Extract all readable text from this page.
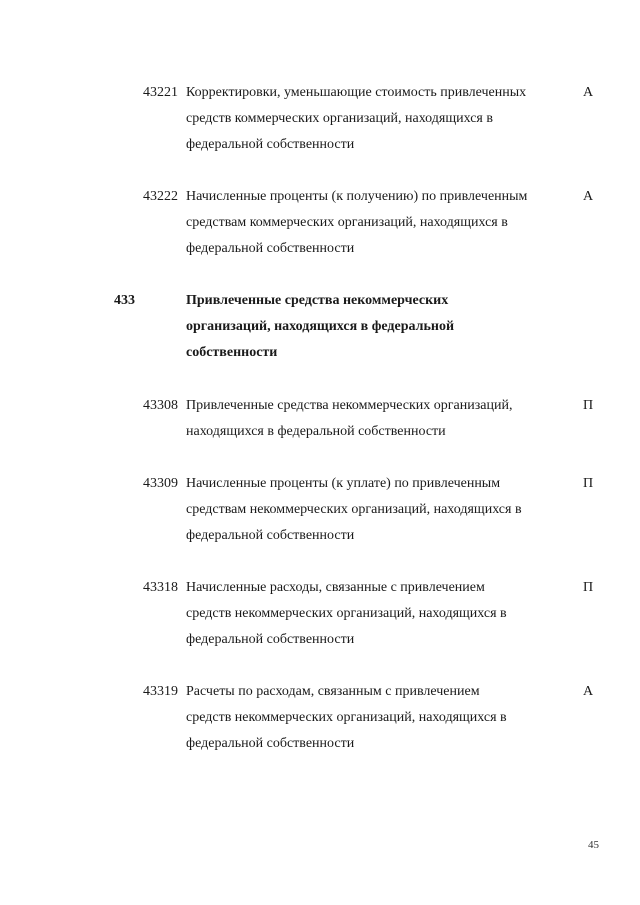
43221 Корректировки, уменьшающие стоимость привлеченных
средств коммерческих организаций, находящихся в
федеральной собственности
А
43222 Начисленные проценты (к получению) по привлеченным
средствам коммерческих организаций, находящихся в
федеральной собственности
А
433	Привлеченные средства некоммерческих
организаций, находящихся в федеральной
собственности
43308 Привлеченные средства некоммерческих организаций,
находящихся в федеральной собственности
П
43309 Начисленные проценты (к уплате) по привлеченным
средствам некоммерческих организаций, находящихся в
федеральной собственности
П
43318 Начисленные расходы, связанные с привлечением
средств некоммерческих организаций, находящихся в
федеральной собственности
П
43319 Расчеты по расходам, связанным с привлечением
средств некоммерческих организаций, находящихся в
федеральной собственности
А
45
